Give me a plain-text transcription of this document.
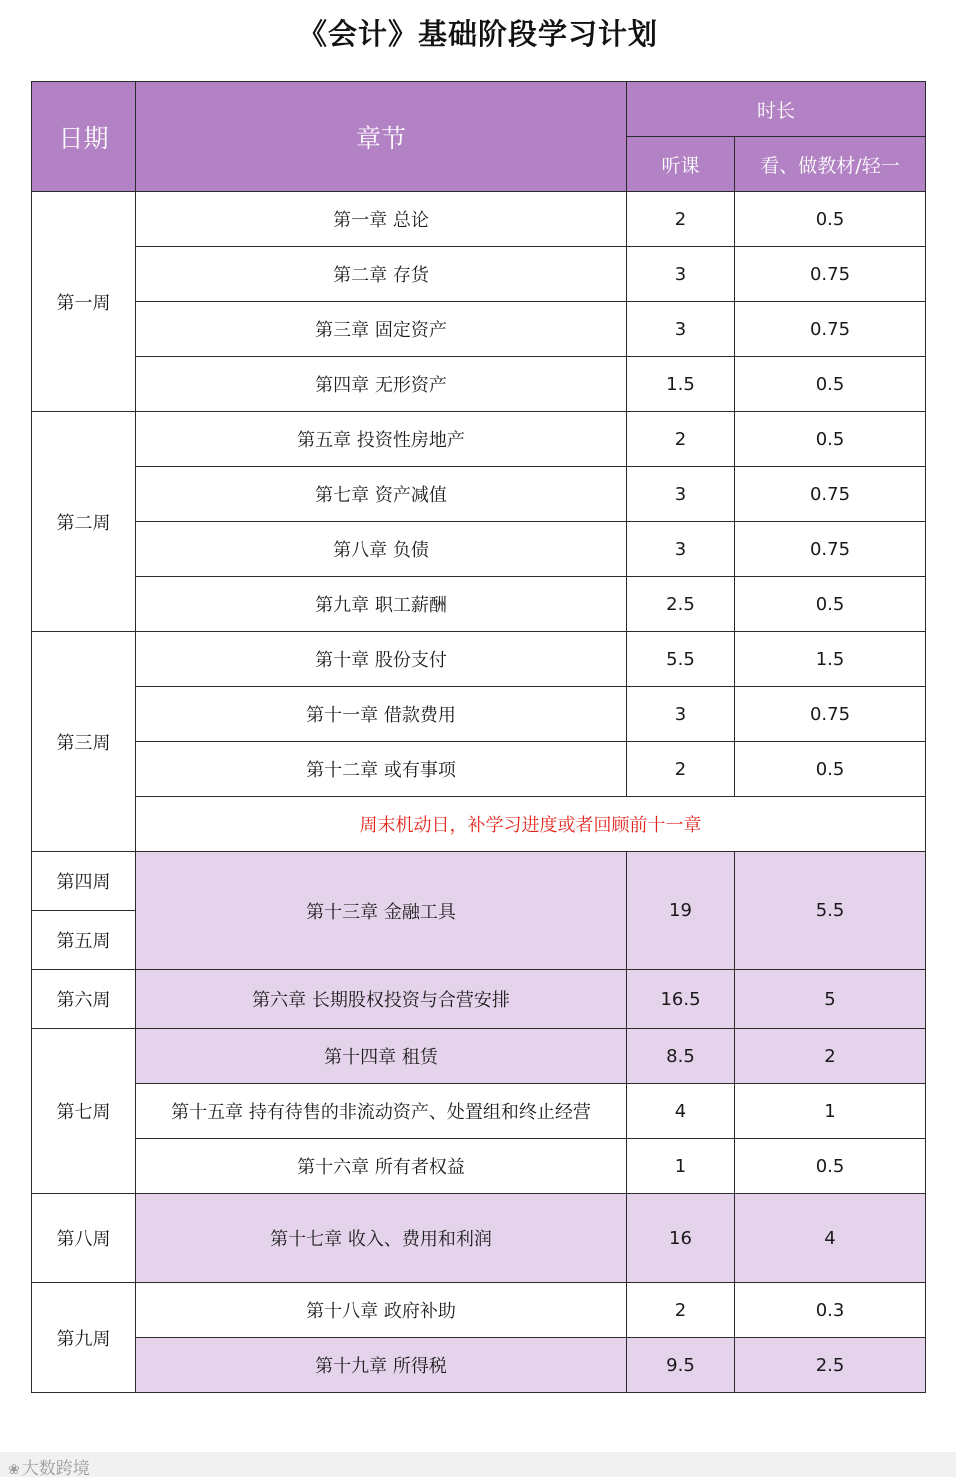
《会计》基础阶段学习计划
日期	章节	时长	
		听课	看、做教材/轻一
第一周	第一章 总论	2	0.5
	第二章 存货	3	0.75
	第三章 固定资产	3	0.75
	第四章 无形资产	1.5	0.5
第二周	第五章 投资性房地产	2	0.5
	第七章 资产减值	3	0.75
	第八章 负债	3	0.75
	第九章 职工薪酬	2.5	0.5
第三周	第十章 股份支付	5.5	1.5
	第十一章 借款费用	3	0.75
	第十二章 或有事项	2	0.5
	周末机动日，补学习进度或者回顾前十一章		
第四周	第十三章 金融工具	19	5.5
第五周			
第六周	第六章 长期股权投资与合营安排	16.5	5
第七周	第十四章 租赁	8.5	2
	第十五章 持有待售的非流动资产、处置组和终止经营	4	1
	第十六章 所有者权益	1	0.5
第八周	第十七章 收入、费用和利润	16	4
第九周	第十八章 政府补助	2	0.3
	第十九章 所得税	9.5	2.5
❀ 大数跨境
